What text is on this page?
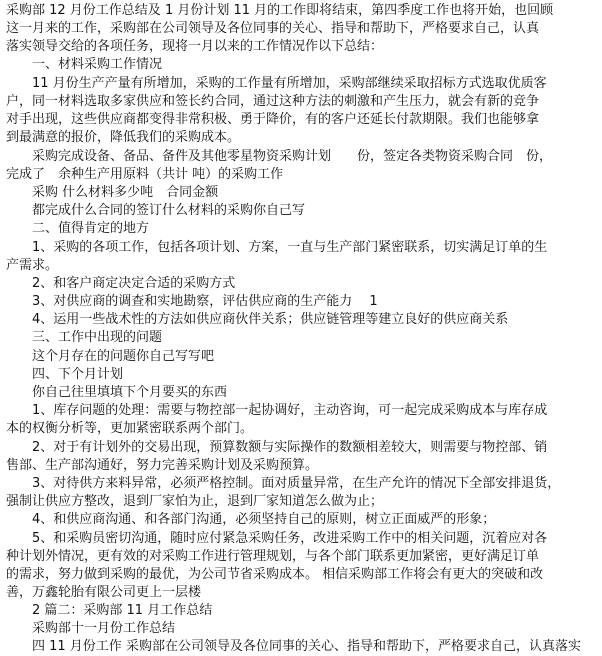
采购部 12 月份工作总结及 1 月份计划 11 月的工作即将结束，第四季度工作也将开始，也回顾
这一月来的工作，采购部在公司领导及各位同事的关心、指导和帮助下，严格要求自己，认真
落实领导交给的各项任务，现将一月以来的工作情况作以下总结：
　　一、材料采购工作情况
　　11 月份生产产量有所增加，采购的工作量有所增加，采购部继续采取招标方式选取优质客
户，同一材料选取多家供应和签长约合同，通过这种方法的刺激和产生压力，就会有新的竞争
对手出现，这些供应商都变得非常积极、勇于降价，有的客户还延长付款期限。我们也能够拿
到最满意的报价，降低我们的采购成本。
　　采购完成设备、备品、备件及其他零星物资采购计划　　份，签定各类物资采购合同　份，
完成了　余种生产用原料（共计 吨）的采购工作
　　采购 什么材料多少吨　合同金额
　　都完成什么合同的签订什么材料的采购你自己写
　　二、值得肯定的地方
　　1、采购的各项工作，包括各项计划、方案，一直与生产部门紧密联系，切实满足订单的生
产需求。
　　2、和客户商定决定合适的采购方式
　　3、对供应商的调查和实地勘察，评估供应商的生产能力　 1
　　4、运用一些战术性的方法如供应商伙伴关系；供应链管理等建立良好的供应商关系
　　三、工作中出现的问题
　　这个月存在的问题你自己写写吧
　　四、下个月计划
　　你自己往里填填下个月要买的东西
　　1、库存问题的处理：需要与物控部一起协调好，主动咨询，可一起完成采购成本与库存成
本的权衡分析等，更加紧密联系两个部门。
　　2、对于有计划外的交易出现，预算数额与实际操作的数额相差较大，则需要与物控部、销
售部、生产部沟通好，努力完善采购计划及采购预算。
　　3、对待供方来料异常，必须严格控制。面对质量异常，在生产允许的情况下全部安排退货，
强制让供应方整改，退到厂家怕为止，退到厂家知道怎么做为止；
　　4、和供应商沟通、和各部门沟通，必须坚持自己的原则，树立正面威严的形象；
　　5、和采购员密切沟通，随时应付紧急采购任务，改进采购工作中的相关问题，沉着应对各
种计划外情况，更有效的对采购工作进行管理规划，与各个部门联系更加紧密，更好满足订单
的需求，努力做到采购的最优，为公司节省采购成本。 相信采购部工作将会有更大的突破和改
善，万鑫轮胎有限公司更上一层楼
　　2 篇二：采购部 11 月工作总结
　　采购部十一月份工作总结
　　四 11 月份工作 采购部在公司领导及各位同事的关心、指导和帮助下，严格要求自己，认真落实
